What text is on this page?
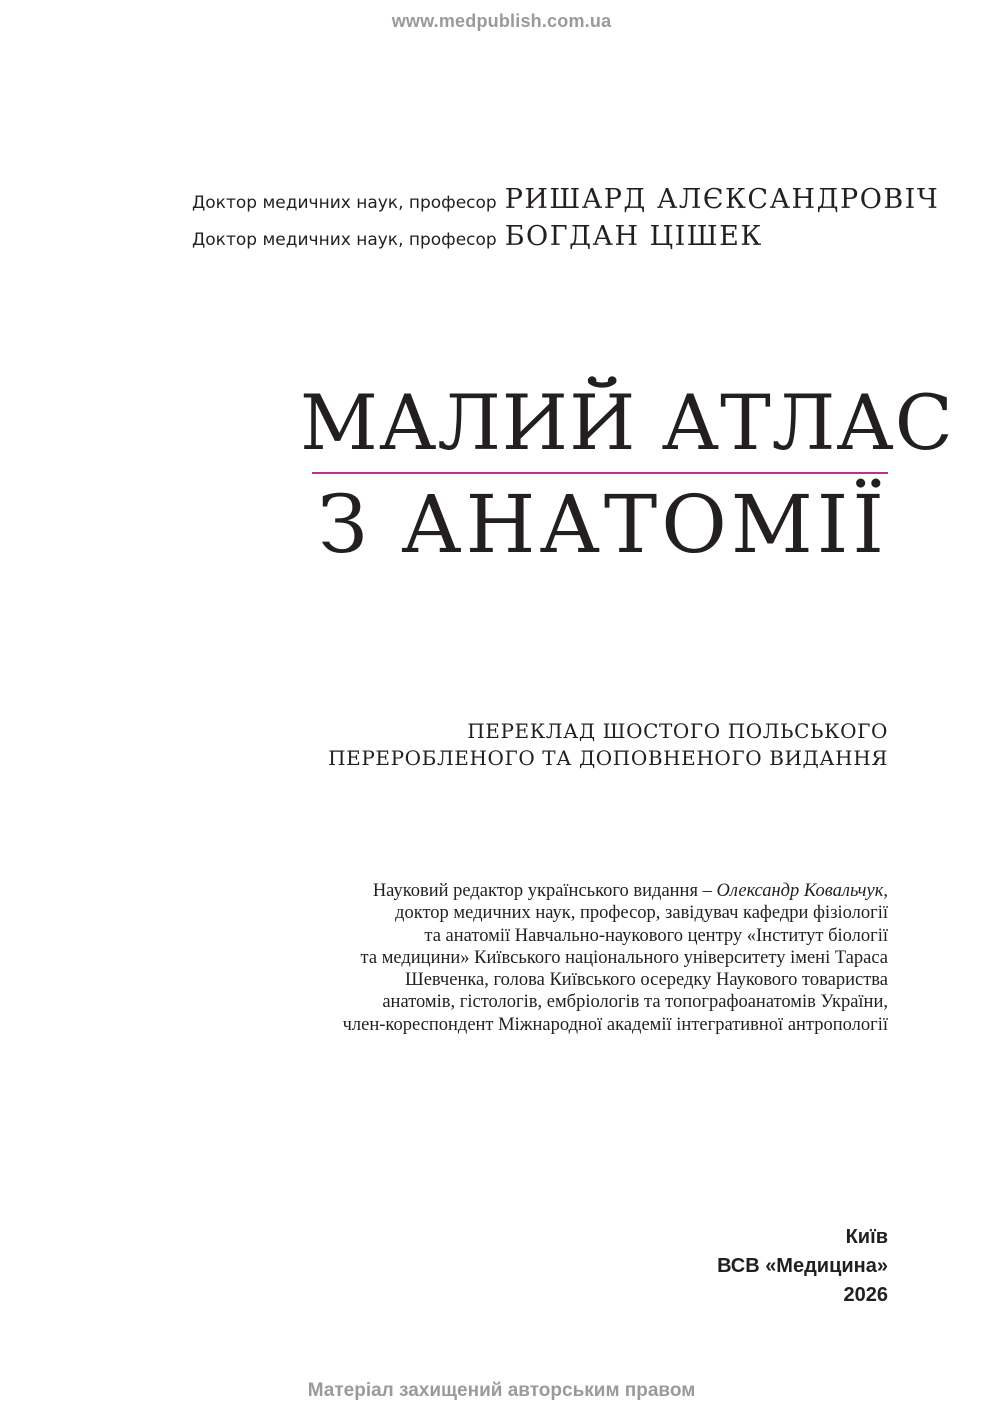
www.medpublish.com.ua
Доктор медичних наук, професор РИШАРД АЛЄКСАНДРОВІЧ
Доктор медичних наук, професор БОГДАН ЦІШЕК
МАЛИЙ АТЛАС
З АНАТОМІЇ
ПЕРЕКЛАД ШОСТОГО ПОЛЬСЬКОГО
ПЕРЕРОБЛЕНОГО ТА ДОПОВНЕНОГО ВИДАННЯ
Науковий редактор українського видання – Олександр Ковальчук,
доктор медичних наук, професор, завідувач кафедри фізіології
та анатомії Навчально-наукового центру «Інститут біології
та медицини» Київського національного університету імені Тараса
Шевченка, голова Київського осередку Наукового товариства
анатомів, гістологів, ембріологів та топографоанатомів України,
член-кореспондент Міжнародної академії інтегративної антропології
Київ
ВСВ «Медицина»
2026
Матеріал захищений авторським правом
